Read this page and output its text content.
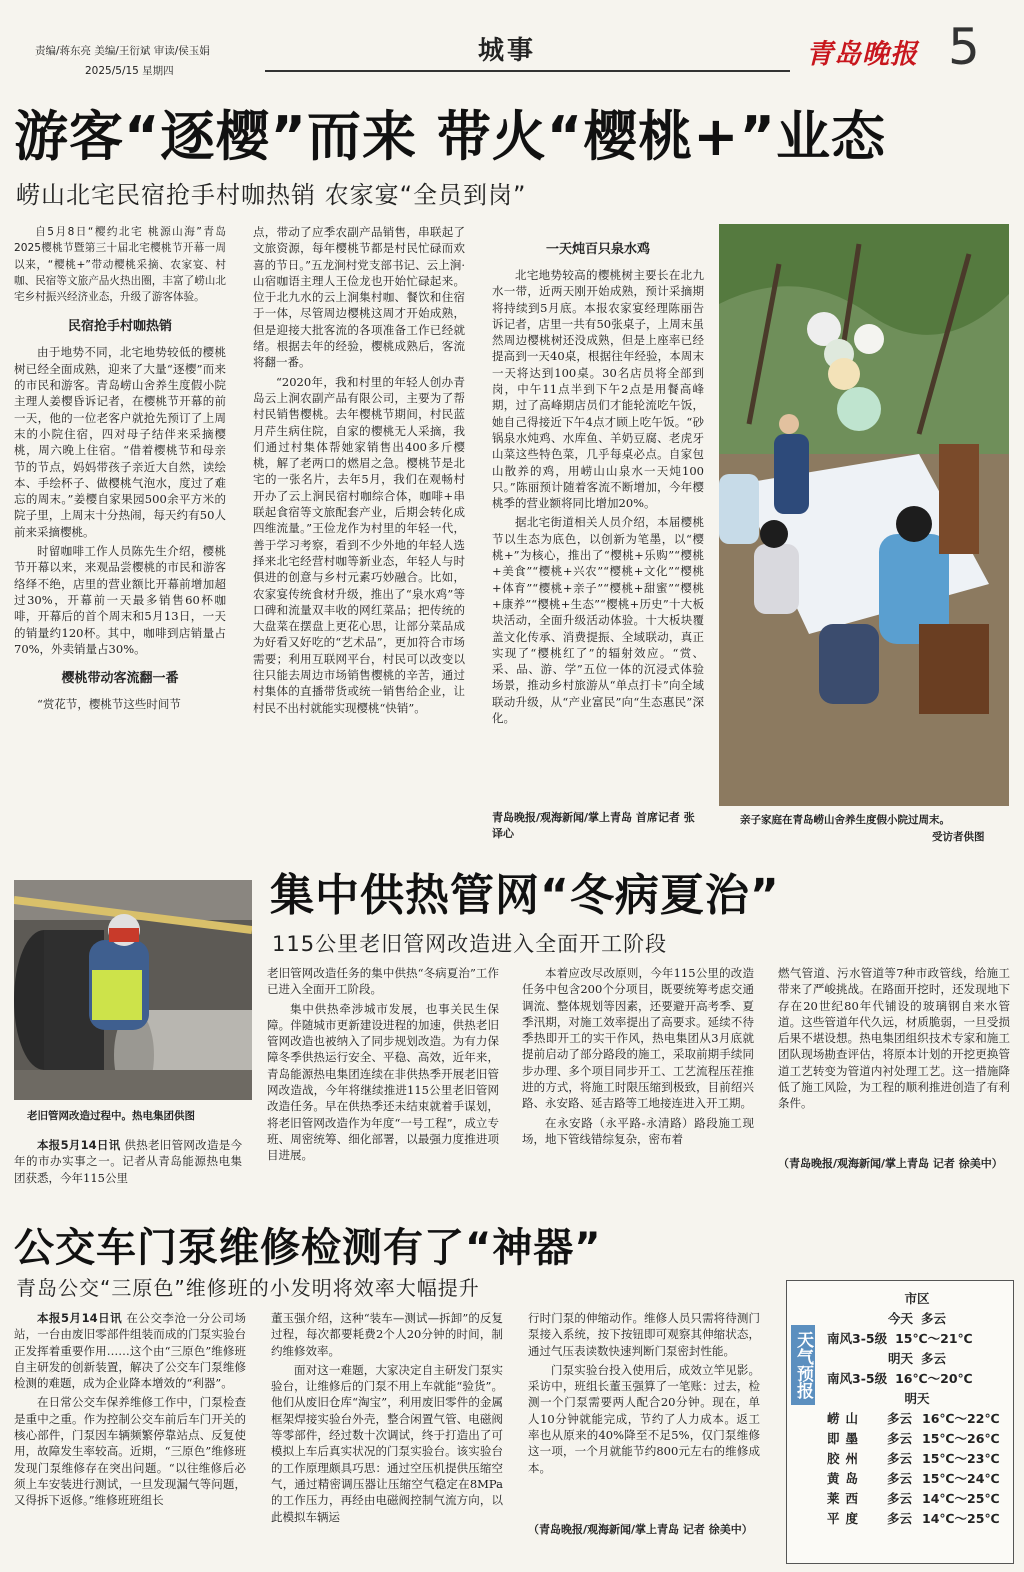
责编/蒋东亮 美编/王衍斌 审读/侯玉娟
2025/5/15 星期四
城事	青岛晚报 5
游客“逐樱”而来 带火“樱桃+”业态
崂山北宅民宿抢手村咖热销 农家宴“全员到岗”

自5月8日“樱约北宅 桃源山海”青岛2025樱桃节暨第三十届北宅樱桃节开幕一周以来，“樱桃+”带动樱桃采摘、农家宴、村咖、民宿等文旅产品火热出圈，丰富了崂山北宅乡村振兴经济业态，升级了游客体验。

民宿抢手村咖热销

由于地势不同，北宅地势较低的樱桃树已经全面成熟，迎来了大量“逐樱”而来的市民和游客。青岛崂山舍养生度假小院主理人姜樱昏诉记者，在樱桃节开幕的前一天，他的一位老客户就抢先预订了上周末的小院住宿，四对母子结伴来采摘樱桃，周六晚上住宿。“借着樱桃节和母亲节的节点，妈妈带孩子亲近大自然，读绘本、手绘杯子、做樱桃气泡水，度过了难忘的周末。”姜樱自家果园500余平方米的院子里，上周末十分热闹，每天约有50人前来采摘樱桃。

时留咖啡工作人员陈先生介绍，樱桃节开幕以来，来观品尝樱桃的市民和游客络绎不绝，店里的营业额比开幕前增加超过30%，开幕前一天最多销售60杯咖啡，开幕后的首个周末和5月13日，一天的销量约120杯。其中，咖啡到店销量占70%，外卖销量占30%。

樱桃带动客流翻一番

“赏花节，樱桃节这些时间节

点，带动了应季农副产品销售，串联起了文旅资源，每年樱桃节都是村民忙碌而欢喜的节日。”五龙涧村党支部书记、云上涧·山宿咖语主理人王俭龙也开始忙碌起来。位于北九水的云上涧集村咖、餐饮和住宿于一体，尽管周边樱桃这周才开始成熟，但是迎接大批客流的各项准备工作已经就绪。根据去年的经验，樱桃成熟后，客流将翻一番。

“2020年，我和村里的年轻人创办青岛云上涧农副产品有限公司，主要为了帮村民销售樱桃。去年樱桃节期间，村民蓝月芹生病住院，自家的樱桃无人采摘，我们通过村集体帮她家销售出400多斤樱桃，解了老两口的燃眉之急。樱桃节是北宅的一张名片，去年5月，我们在观畅村开办了云上涧民宿村咖综合体，咖啡+串联起食宿等文旅配套产业，后期会转化成四维流量。”王俭龙作为村里的年轻一代，善于学习考察，看到不少外地的年轻人选择来北宅经营村咖等新业态，年轻人与时俱进的创意与乡村元素巧妙融合。比如，农家宴传统食材升级，推出了“泉水鸡”等口碑和流量双丰收的网红菜品；把传统的大盘菜在摆盘上更花心思，让部分菜品成为好看又好吃的“艺术品”，更加符合市场需要；利用互联网平台，村民可以改变以往只能去周边市场销售樱桃的辛苦，通过村集体的直播带货或统一销售给企业，让村民不出村就能实现樱桃“快销”。

一天炖百只泉水鸡

北宅地势较高的樱桃树主要长在北九水一带，近两天刚开始成熟，预计采摘期将持续到5月底。本报农家宴经理陈丽告诉记者，店里一共有50张桌子，上周末虽然周边樱桃树还没成熟，但是上座率已经提高到一天40桌，根据往年经验，本周末一天将达到100桌。30名店员将全部到岗，中午11点半到下午2点是用餐高峰期，过了高峰期店员们才能轮流吃午饭，她自己得接近下午4点才顾上吃午饭。“砂锅泉水炖鸡、水库鱼、羊奶豆腐、老虎牙山菜这些特色菜，几乎每桌必点。自家包山散养的鸡，用崂山山泉水一天炖100只。”陈丽预计随着客流不断增加，今年樱桃季的营业额将同比增加20%。

据北宅街道相关人员介绍，本届樱桃节以生态为底色，以创新为笔墨，以“樱桃+”为核心，推出了“樱桃+乐购”“樱桃+美食”“樱桃+兴农”“樱桃+文化”“樱桃+体育”“樱桃+亲子”“樱桃+甜蜜”“樱桃+康养”“樱桃+生态”“樱桃+历史”十大板块活动，全面升级活动体验。十大板块覆盖文化传承、消费提振、全域联动，真正实现了“樱桃红了”的辐射效应。“赏、采、品、游、学”五位一体的沉浸式体验场景，推动乡村旅游从“单点打卡”向全域联动升级，从“产业富民”向“生态惠民”深化。

青岛晚报/观海新闻/掌上青岛 首席记者 张译心
亲子家庭在青岛崂山舍养生度假小院过周末。
受访者供图
老旧管网改造过程中。热电集团供图
集中供热管网“冬病夏治”
115公里老旧管网改造进入全面开工阶段

本报5月14日讯 供热老旧管网改造是今年的市办实事之一。记者从青岛能源热电集团获悉，今年115公里

老旧管网改造任务的集中供热“冬病夏治”工作已进入全面开工阶段。

集中供热牵涉城市发展，也事关民生保障。伴随城市更新建设进程的加速，供热老旧管网改造也被纳入了同步规划改造。为有力保障冬季供热运行安全、平稳、高效，近年来，青岛能源热电集团连续在非供热季开展老旧管网改造战，今年将继续推进115公里老旧管网改造任务。早在供热季还未结束就着手谋划，将老旧管网改造作为年度“一号工程”，成立专班、周密统筹、细化部署，以最强力度推进项目进展。

本着应改尽改原则，今年115公里的改造任务中包含200个分项目，既要统筹考虑交通调流、整体规划等因素，还要避开高考季、夏季汛期，对施工效率提出了高要求。延续不待季热即开工的实干作风，热电集团从3月底就提前启动了部分路段的施工，采取前期手续同步办理、多个项目同步开工、工艺流程压茬推进的方式，将施工时限压缩到极致，目前绍兴路、永安路、延吉路等工地接连进入开工期。

在永安路（永平路-永清路）路段施工现场，地下管线错综复杂，密布着

燃气管道、污水管道等7种市政管线，给施工带来了严峻挑战。在路面开挖时，还发现地下存在20世纪80年代铺设的玻璃钢自来水管道。这些管道年代久远，材质脆弱，一旦受损后果不堪设想。热电集团组织技术专家和施工团队现场勘查评估，将原本计划的开挖更换管道工艺转变为管道内衬处理工艺。这一措施降低了施工风险，为工程的顺利推进创造了有利条件。

（青岛晚报/观海新闻/掌上青岛 记者 徐美中）
公交车门泵维修检测有了“神器”
青岛公交“三原色”维修班的小发明将效率大幅提升

本报5月14日讯 在公交李沧一分公司场站，一台由废旧零部件组装而成的门泵实验台正发挥着重要作用……这个由“三原色”维修班自主研发的创新装置，解决了公交车门泵维修检测的难题，成为企业降本增效的“利器”。

在日常公交车保养维修工作中，门泵检查是重中之重。作为控制公交车前后车门开关的核心部件，门泵因车辆频繁停靠站点、反复使用，故障发生率较高。近期，“三原色”维修班发现门泵维修存在突出问题。“以往维修后必须上车安装进行测试，一旦发现漏气等问题，又得拆下返修。”维修班班组长

董玉强介绍，这种“装车—测试—拆卸”的反复过程，每次都要耗费2个人20分钟的时间，制约维修效率。

面对这一难题，大家决定自主研发门泵实验台，让维修后的门泵不用上车就能“验货”。他们从废旧仓库“淘宝”，利用废旧零件的金属框架焊接实验台外壳，整合闲置气管、电磁阀等零部件，经过数十次调试，终于打造出了可模拟上车后真实状况的门泵实验台。该实验台的工作原理颇具巧思：通过空压机提供压缩空气，通过精密调压器让压缩空气稳定在8MPa的工作压力，再经由电磁阀控制气流方向，以此模拟车辆运

行时门泵的伸缩动作。维修人员只需将待测门泵接入系统，按下按钮即可观察其伸缩状态，通过气压表读数快速判断门泵密封性能。

门泵实验台投入使用后，成效立竿见影。采访中，班组长董玉强算了一笔账：过去，检测一个门泵需要两人配合20分钟。现在，单人10分钟就能完成，节约了人力成本。返工率也从原来的40%降至不足5%，仅门泵维修这一项，一个月就能节约800元左右的维修成本。

（青岛晚报/观海新闻/掌上青岛 记者 徐美中）
天气预报
市区
今天 多云
南风3-5级 15℃～21℃
明天 多云
南风3-5级 16℃～20℃
明天
崂山	多云 16℃～22℃
即墨	多云 15℃～26℃
胶州	多云 15℃～23℃
黄岛	多云 15℃～24℃
莱西	多云 14℃～25℃
平度	多云 14℃～25℃
